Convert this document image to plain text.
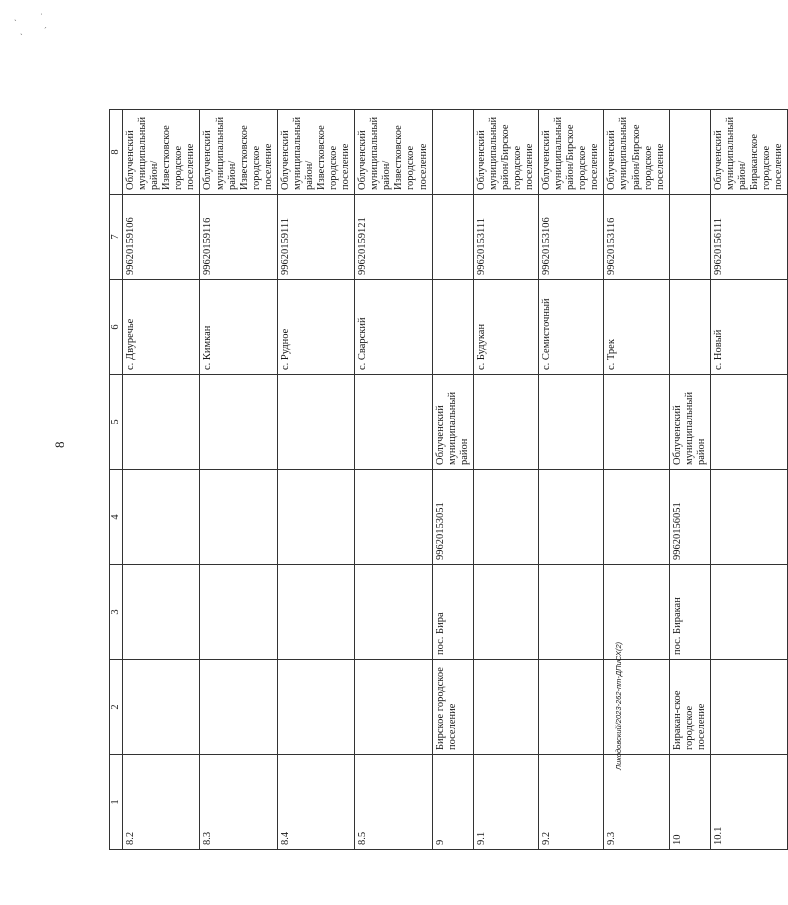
ˎ	˙
ˏ	ˊ
8
1	2	3	4	5	6	7	8
8.2					с. Двуречье	99620159106	Облученский муниципальный район/Известковское городское поселение
8.3					с. Кимкан	99620159116	Облученский муниципальный район/Известковское городское поселение
8.4					с. Рудное	99620159111	Облученский муниципальный район/Известковское городское поселение
8.5					с. Сварский	99620159121	Облученский муниципальный район/Известковское городское поселение
9	Бирское городское поселение	пос. Бира	99620153051	Облученский муниципальный район			
9.1					с. Будукан	99620153111	Облученский муниципальный район/Бирское городское поселение
9.2					с. Семисточный	99620153106	Облученский муниципальный район/Бирское городское поселение
9.3					с. Трек	99620153116	Облученский муниципальный район/Бирское городское поселение
10	Биракан-ское городское поселение	пос. Биракан	99620156051	Облученский муниципальный район			
10.1					с. Новый	99620156111	Облученский муниципальный район/Бираканское городское поселение
Ликодовский/2023-262-пт-ДПиСХ(2)
